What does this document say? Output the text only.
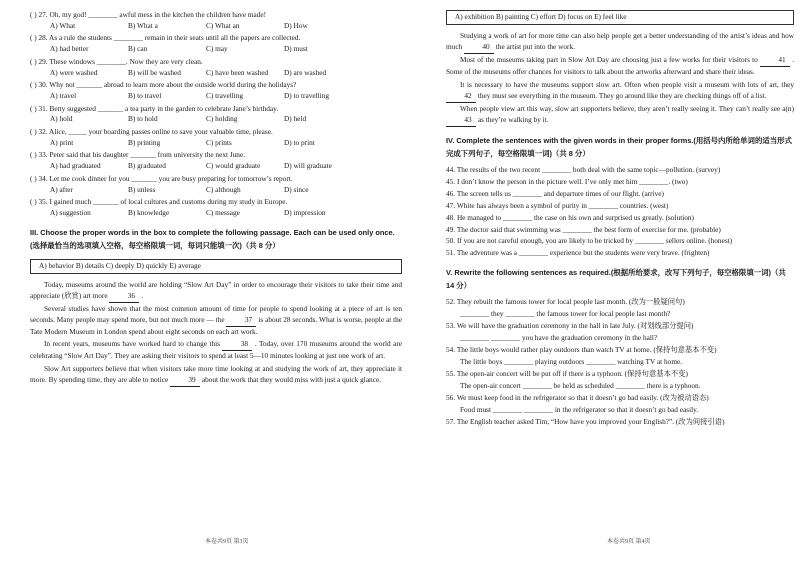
( ) 27. Oh, my god! ________ awful mess in the kitchen the children have made!
A) What	B) What a	C) What an	D) How
( ) 28. As a rule the students ________ remain in their seats until all the papers are collected.
A) had better	B) can	C) may	D) must
( ) 29. These windows ________. Now they are very clean.
A) were washed	B) will be washed	C) have been washed	D) are washed
( ) 30. Why not _______ abroad to learn more about the outside world during the holidays?
A) travel	B) to travel	C) travelling	D) to travelling
( ) 31. Betty suggested _______ a tea party in the garden to celebrate Jane’s birthday.
A) hold	B) to hold	C) holding	D) held
( ) 32. Alice, _____ your boarding passes online to save your valuable time, please.
A) print	B) printing	C) prints	D) to print
( ) 33. Peter said that his daughter _______ from university the next June.
A) had graduated	B) graduated	C) would graduate	D) will graduate
( ) 34. Let me cook dinner for you _______ you are busy preparing for tomorrow’s report.
A) after	B) unless	C) although	D) since
( ) 35. I gained much _______ of local cultures and customs during my study in Europe.
A) suggestion	B) knowledge	C) message	D) impression
III. Choose the proper words in the box to complete the following passage. Each can be used only once.(选择最恰当的选项填入空格，每空格限填一词，每词只能填一次)（共 8 分）
A) behavior B) details C) deeply D) quickly E) average
Today, museums around the world are holding “Slow Art Day” in order to encourage their visitors to take their time and appreciate (欣赏) art more	36 .
Several studies have shown that the most common amount of time for people to spend looking at a piece of art is ten seconds. Many people may spend more, but not much more — the	37 is about 28 seconds. What is worse, people at the Tate Modern Museum in London spend about eight seconds on each art work.
In recent years, museums have worked hard to change this	38 . Today, over 170 museums around the world are celebrating “Slow Art Day”. They are asking their visitors to spend at least 5—10 minutes looking at just one work of art.
Slow Art supporters believe that when visitors take more time looking at and studying the work of art, they appreciate it more. By spending time, they are able to notice	39 about the work that they would miss with just a quick glance.
A) exhibition B) painting C) effort D) focus on E) feel like
Studying a work of art for more time can also help people get a better understanding of the artist’s ideas and how much	40 the artist put into the work.
Most of the museums taking part in Slow Art Day are choosing just a few works for their visitors to	41 . Some of the museums offer chances for visitors to talk about the artworks afterward and share their ideas.
It is necessary to have the museums support slow art. Often when people visit a museum with lots of art, they 42 they must see everything in the museum. They go around like they are checking things off of a list.
When people view art this way, slow art supporters believe, they aren’t really seeing it. They can’t really see a(n) 43 as they’re walking by it.
IV. Complete the sentences with the given words in their proper forms.(用括号内所给单词的适当形式完成下列句子，每空格限填一词)（共 8 分）
44. The results of the two recent ________ both deal with the same topic—pollution. (survey)
45. I don’t know the person in the picture well. I’ve only met him ________. (two)
46. The screen tells us ________ and departure times of our flight. (arrive)
47. White has always been a symbol of purity in ________ countries. (west)
48. He managed to ________ the case on his own and surprised us greatly. (solution)
49. The doctor said that swimming was ________ the best form of exercise for me. (probable)
50. If you are not careful enough, you are likely to be tricked by ________ sellers online. (honest)
51. The adventure was a ________ experience but the students were very brave. (frighten)
V. Rewrite the following sentences as required.(根据所给要求，改写下列句子，每空格限填一词)（共 14 分）
52. They rebuilt the famous tower for local people last month. (改为一般疑问句)
________ they ________ the famous tower for local people last month?
53. We will have the graduation ceremony in the hall in late July. (对划线部分提问)
________ ________ you have the graduation ceremony in the hall?
54. The little boys would rather play outdoors than watch TV at home. (保持句意基本不变)
The little boys ________ playing outdoors ________ watching TV at home.
55. The open-air concert will be put off if there is a typhoon. (保持句意基本不变)
The open-air concert ________ be held as scheduled ________ there is a typhoon.
56. We must keep food in the refrigerator so that it doesn’t go bad easily. (改为被动语态)
Food must ________ ________ in the refrigerator so that it doesn’t go bad easily.
57. The English teacher asked Tim, “How have you improved your English?”. (改为间接引语)
本卷共9页 第3页	本卷共9页 第4页
